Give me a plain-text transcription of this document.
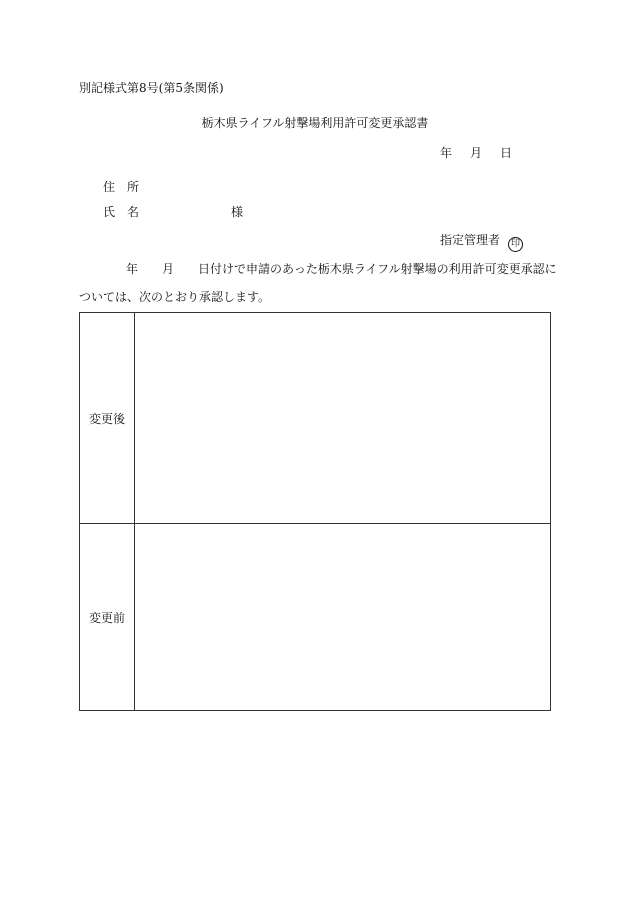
別記様式第8号(第5条関係)
栃木県ライフル射撃場利用許可変更承認書
年 月 日
住　所
氏　名	様
指定管理者 印
年　　月　　日付けで申請のあった栃木県ライフル射撃場の利用許可変更承認に
ついては、次のとおり承認します。
変更後
変更前
